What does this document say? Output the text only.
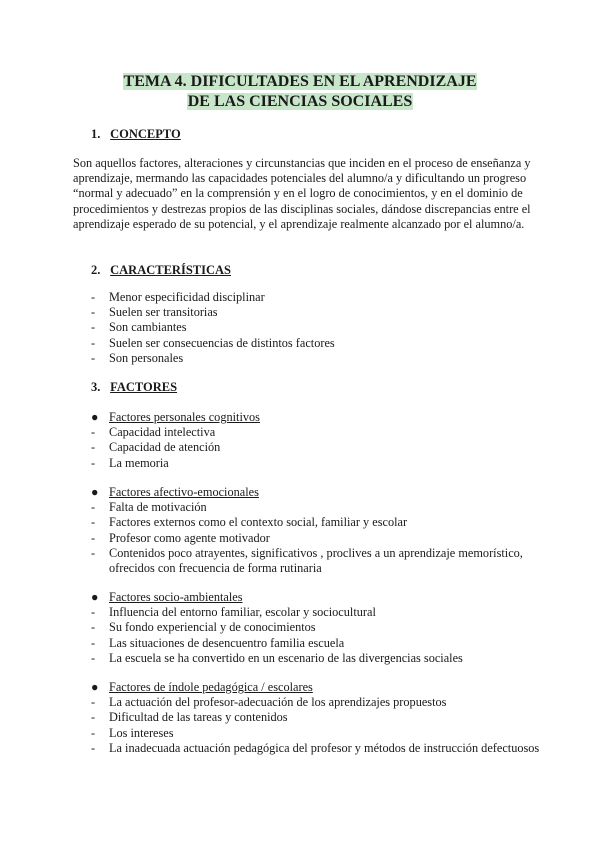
TEMA 4. DIFICULTADES EN EL APRENDIZAJE
DE LAS CIENCIAS SOCIALES
1. CONCEPTO

Son aquellos factores, alteraciones y circunstancias que inciden en el proceso de enseñanza y aprendizaje, mermando las capacidades potenciales del alumno/a y dificultando un progreso “normal y adecuado” en la comprensión y en el logro de conocimientos, y en el dominio de procedimientos y destrezas propios de las disciplinas sociales, dándose discrepancias entre el aprendizaje esperado de su potencial, y el aprendizaje realmente alcanzado por el alumno/a.

2. CARACTERÍSTICAS
- Menor especificidad disciplinar
- Suelen ser transitorias
- Son cambiantes
- Suelen ser consecuencias de distintos factores
- Son personales
3. FACTORES
● Factores personales cognitivos
- Capacidad intelectiva
- Capacidad de atención
- La memoria
● Factores afectivo-emocionales
- Falta de motivación
- Factores externos como el contexto social, familiar y escolar
- Profesor como agente motivador
- Contenidos poco atrayentes, significativos , proclives a un aprendizaje memorístico, ofrecidos con frecuencia de forma rutinaria
● Factores socio-ambientales
- Influencia del entorno familiar, escolar y sociocultural
- Su fondo experiencial y de conocimientos
- Las situaciones de desencuentro familia escuela
- La escuela se ha convertido en un escenario de las divergencias sociales
● Factores de índole pedagógica / escolares
- La actuación del profesor-adecuación de los aprendizajes propuestos
- Dificultad de las tareas y contenidos
- Los intereses
- La inadecuada actuación pedagógica del profesor y métodos de instrucción defectuosos
